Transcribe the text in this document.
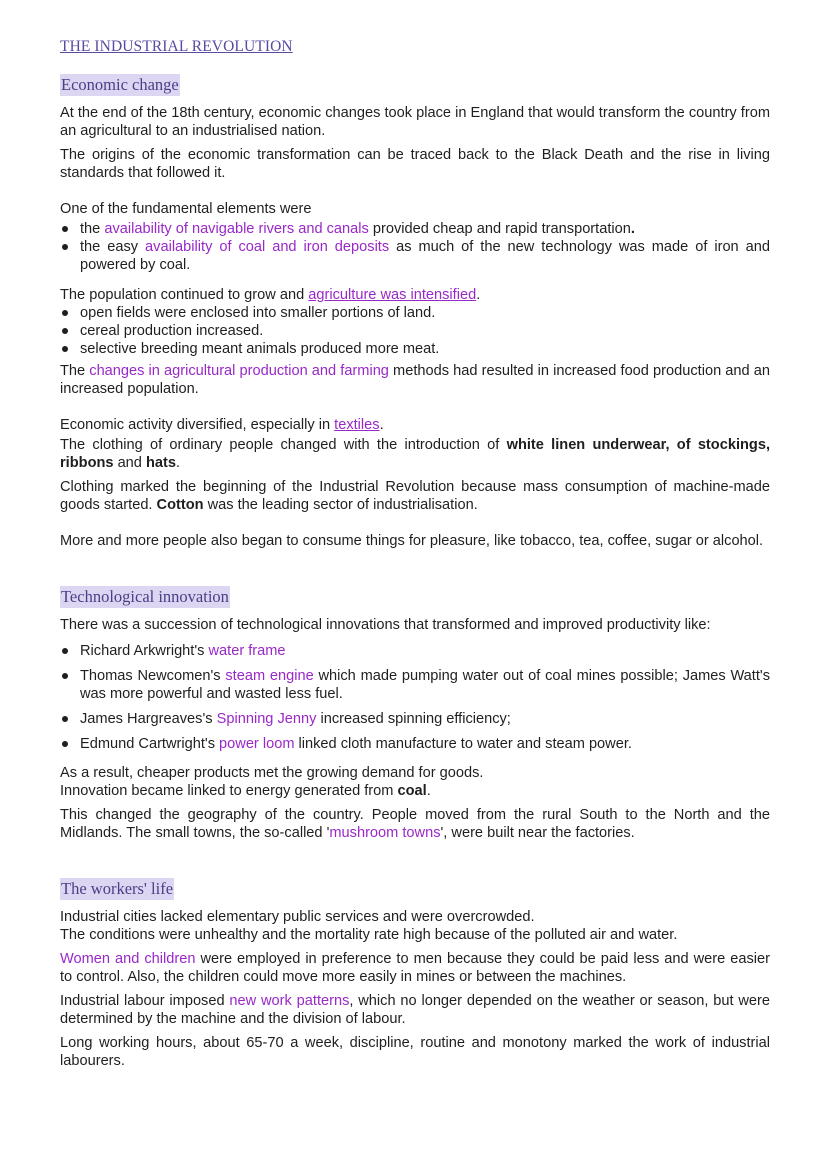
THE INDUSTRIAL REVOLUTION
Economic change

At the end of the 18th century, economic changes took place in England that would transform the country from an agricultural to an industrialised nation.

The origins of the economic transformation can be traced back to the Black Death and the rise in living standards that followed it.

One of the fundamental elements were

the availability of navigable rivers and canals provided cheap and rapid transportation.
the easy availability of coal and iron deposits as much of the new technology was made of iron and powered by coal.

The population continued to grow and agriculture was intensified.

open fields were enclosed into smaller portions of land.
cereal production increased.
selective breeding meant animals produced more meat.

The changes in agricultural production and farming methods had resulted in increased food production and an increased population.

Economic activity diversified, especially in textiles.

The clothing of ordinary people changed with the introduction of white linen underwear, of stockings, ribbons and hats.

Clothing marked the beginning of the Industrial Revolution because mass consumption of machine-made goods started. Cotton was the leading sector of industrialisation.

More and more people also began to consume things for pleasure, like tobacco, tea, coffee, sugar or alcohol.

Technological innovation

There was a succession of technological innovations that transformed and improved productivity like:

Richard Arkwright's water frame
Thomas Newcomen's steam engine which made pumping water out of coal mines possible; James Watt's was more powerful and wasted less fuel.
James Hargreaves's Spinning Jenny increased spinning efficiency;
Edmund Cartwright's power loom linked cloth manufacture to water and steam power.

As a result, cheaper products met the growing demand for goods.

Innovation became linked to energy generated from coal.

This changed the geography of the country. People moved from the rural South to the North and the Midlands. The small towns, the so-called 'mushroom towns', were built near the factories.

The workers' life

Industrial cities lacked elementary public services and were overcrowded.

The conditions were unhealthy and the mortality rate high because of the polluted air and water.

Women and children were employed in preference to men because they could be paid less and were easier to control. Also, the children could move more easily in mines or between the machines.

Industrial labour imposed new work patterns, which no longer depended on the weather or season, but were determined by the machine and the division of labour.

Long working hours, about 65-70 a week, discipline, routine and monotony marked the work of industrial labourers.
